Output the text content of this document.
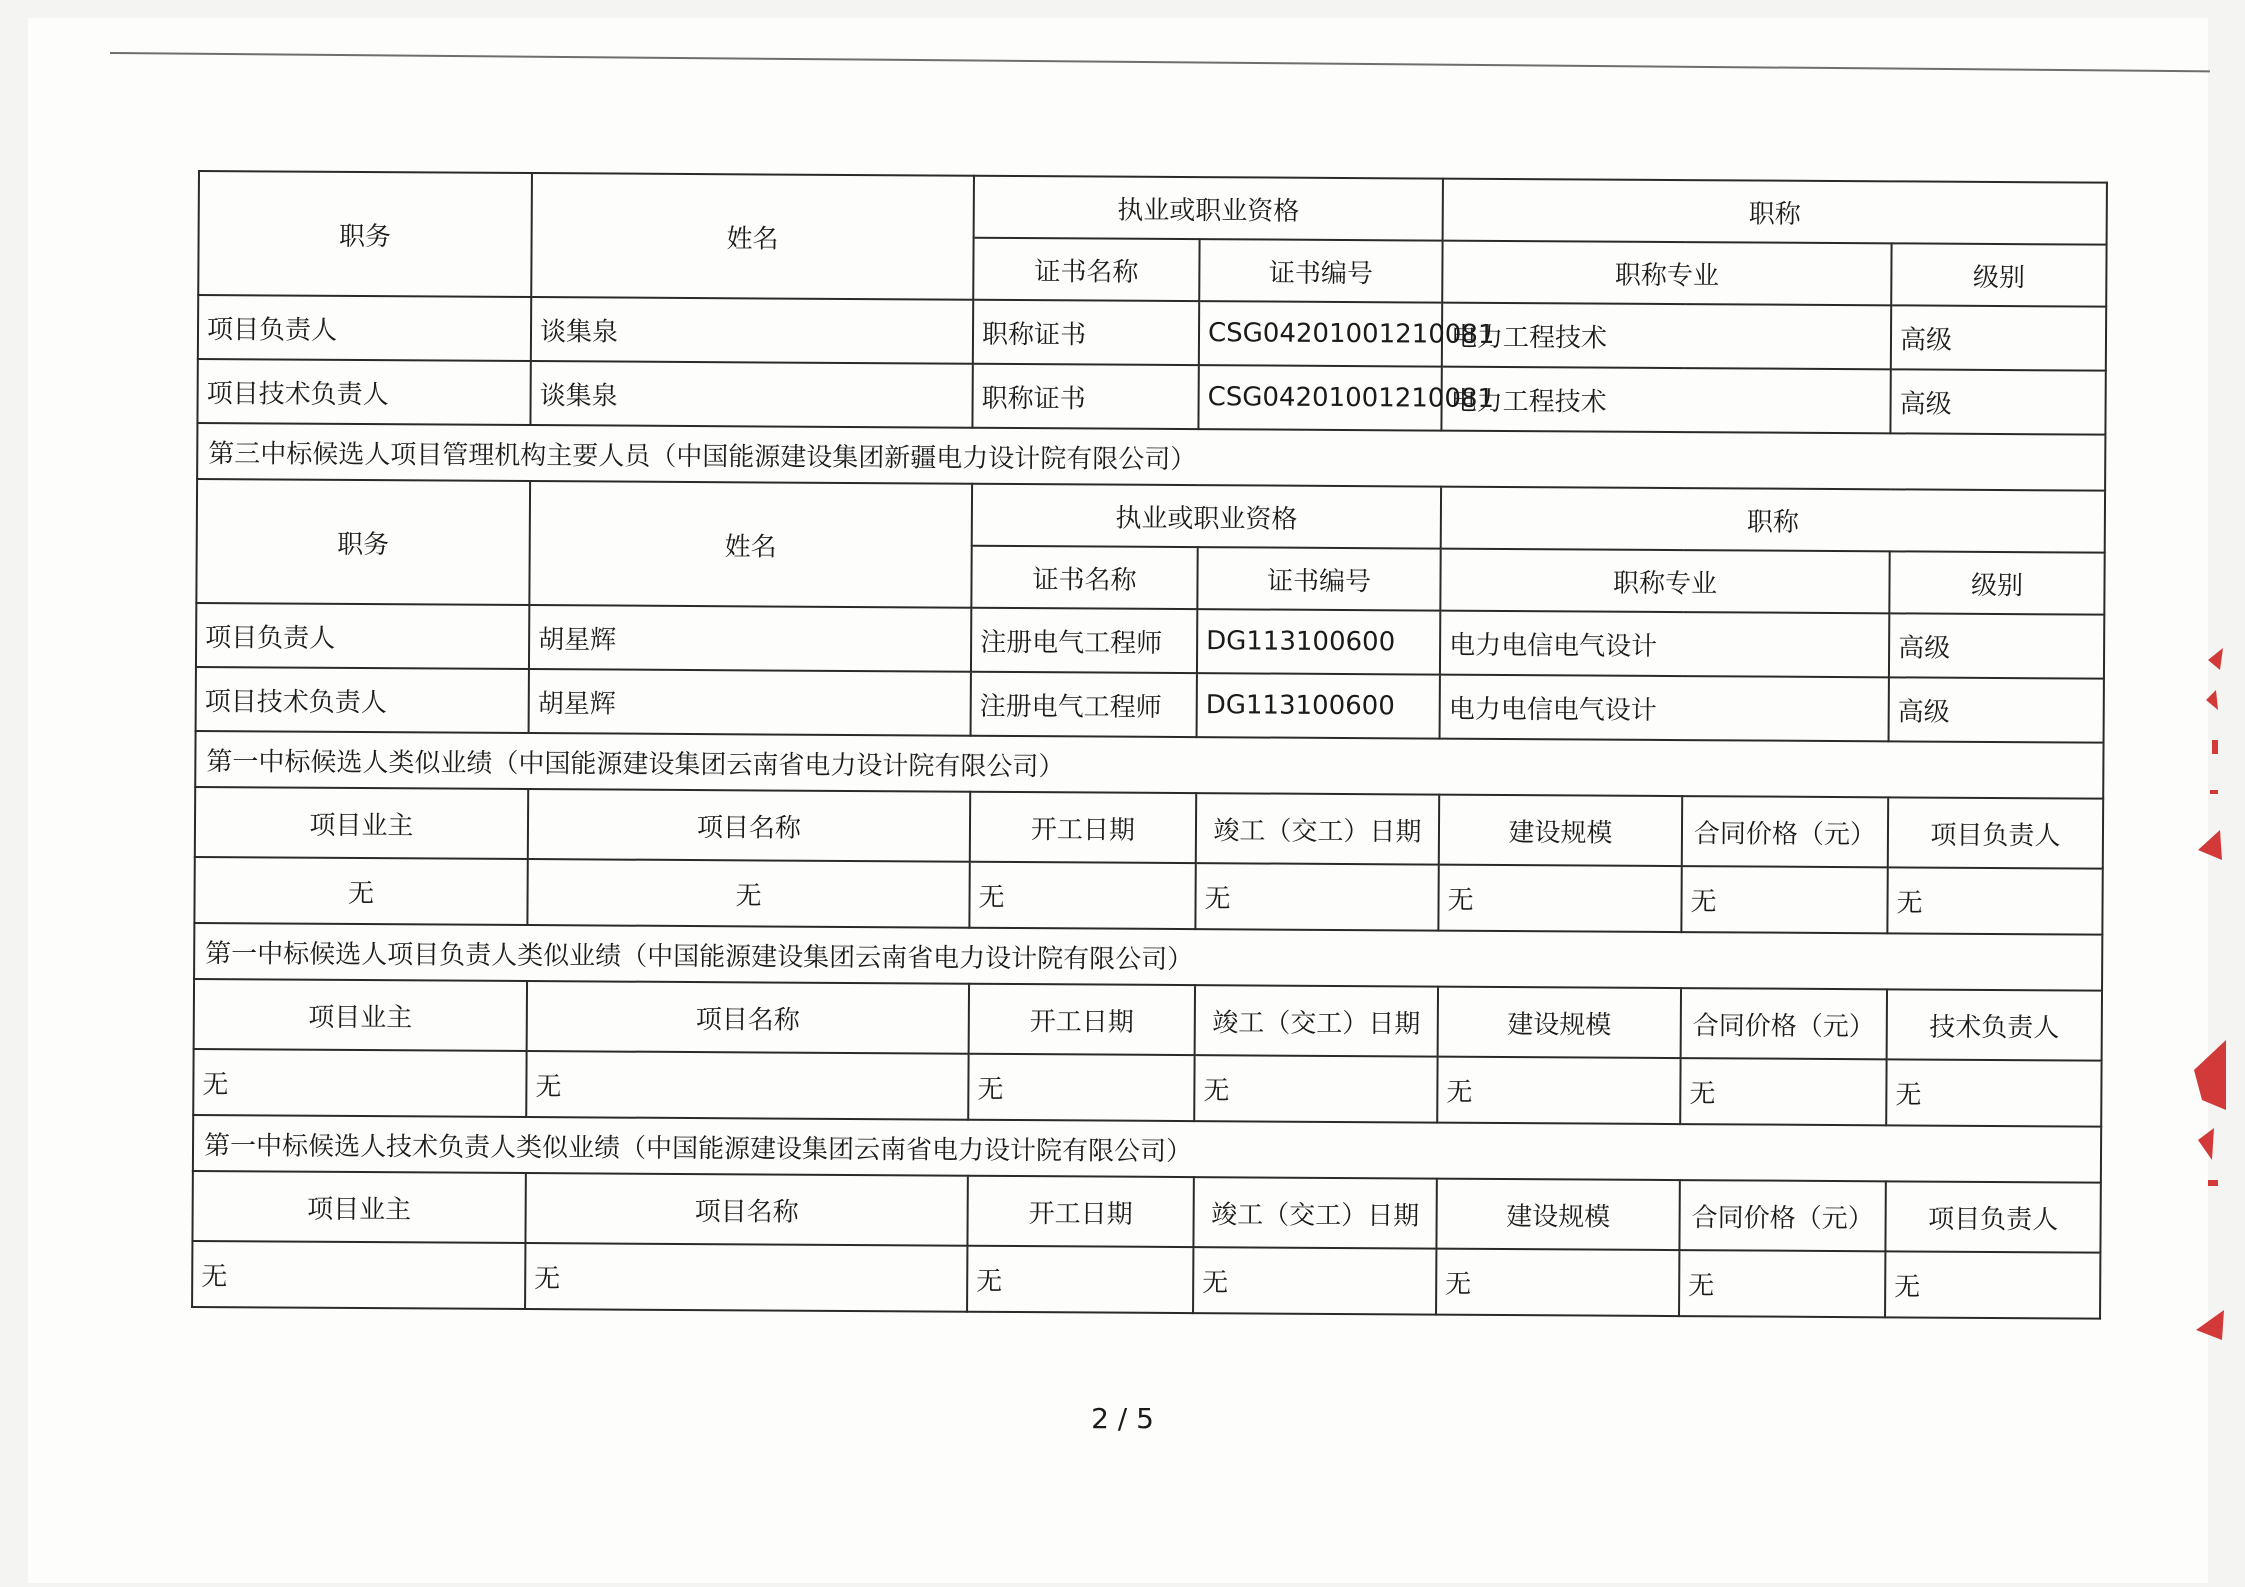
职务	姓名	执业或职业资格		职称		
		证书名称	证书编号	职称专业		级别
项目负责人	谈集泉	职称证书	CSG04201001210081	电力工程技术		高级
项目技术负责人	谈集泉	职称证书	CSG04201001210081	电力工程技术		高级
第三中标候选人项目管理机构主要人员（中国能源建设集团新疆电力设计院有限公司）						
职务	姓名	执业或职业资格		职称		
		证书名称	证书编号	职称专业		级别
项目负责人	胡星辉	注册电气工程师	DG113100600	电力电信电气设计		高级
项目技术负责人	胡星辉	注册电气工程师	DG113100600	电力电信电气设计		高级
第一中标候选人类似业绩（中国能源建设集团云南省电力设计院有限公司）						
项目业主	项目名称	开工日期	竣工（交工）日期	建设规模	合同价格（元）	项目负责人
无	无	无	无	无	无	无
第一中标候选人项目负责人类似业绩（中国能源建设集团云南省电力设计院有限公司）						
项目业主	项目名称	开工日期	竣工（交工）日期	建设规模	合同价格（元）	技术负责人
无	无	无	无	无	无	无
第一中标候选人技术负责人类似业绩（中国能源建设集团云南省电力设计院有限公司）						
项目业主	项目名称	开工日期	竣工（交工）日期	建设规模	合同价格（元）	项目负责人
无	无	无	无	无	无	无
2 / 5
